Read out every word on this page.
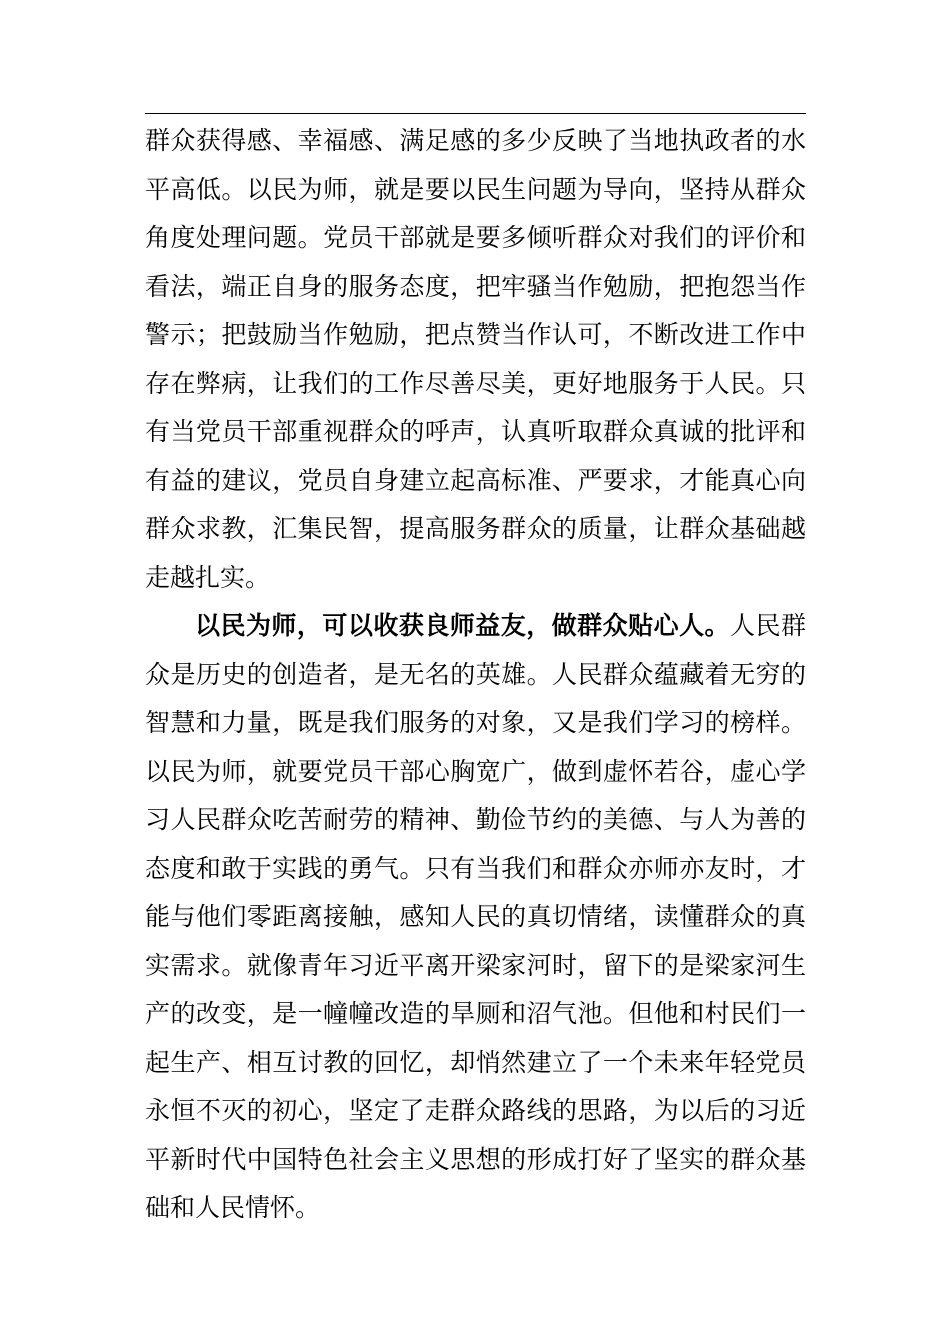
群众获得感、幸福感、满足感的多少反映了当地执政者的水
平高低。以民为师，就是要以民生问题为导向，坚持从群众
角度处理问题。党员干部就是要多倾听群众对我们的评价和
看法，端正自身的服务态度，把牢骚当作勉励，把抱怨当作
警示；把鼓励当作勉励，把点赞当作认可，不断改进工作中
存在弊病，让我们的工作尽善尽美，更好地服务于人民。只
有当党员干部重视群众的呼声，认真听取群众真诚的批评和
有益的建议，党员自身建立起高标准、严要求，才能真心向
群众求教，汇集民智，提高服务群众的质量，让群众基础越
走越扎实。
以民为师，可以收获良师益友，做群众贴心人。人民群
众是历史的创造者，是无名的英雄。人民群众蕴藏着无穷的
智慧和力量，既是我们服务的对象，又是我们学习的榜样。
以民为师，就要党员干部心胸宽广，做到虚怀若谷，虚心学
习人民群众吃苦耐劳的精神、勤俭节约的美德、与人为善的
态度和敢于实践的勇气。只有当我们和群众亦师亦友时，才
能与他们零距离接触，感知人民的真切情绪，读懂群众的真
实需求。就像青年习近平离开梁家河时，留下的是梁家河生
产的改变，是一幢幢改造的旱厕和沼气池。但他和村民们一
起生产、相互讨教的回忆，却悄然建立了一个未来年轻党员
永恒不灭的初心，坚定了走群众路线的思路，为以后的习近
平新时代中国特色社会主义思想的形成打好了坚实的群众基
础和人民情怀。
